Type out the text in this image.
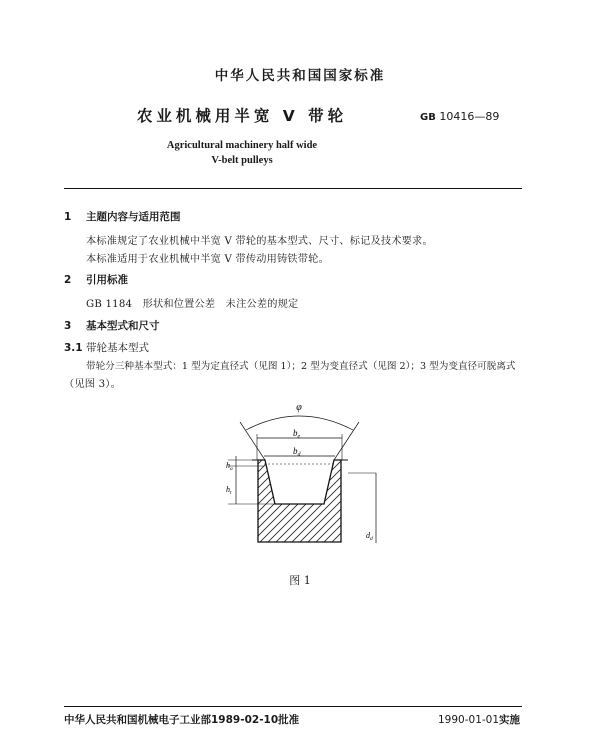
中华人民共和国国家标准
农业机械用半宽 V 带轮	GB 10416—89
Agricultural machinery half wide
V-belt pulleys
1 主题内容与适用范围
本标准规定了农业机械中半宽 V 带轮的基本型式、尺寸、标记及技术要求。
本标准适用于农业机械中半宽 V 带传动用铸铁带轮。
2 引用标准
GB 1184　形状和位置公差　未注公差的规定
3 基本型式和尺寸
3.1 带轮基本型式
带轮分三种基本型式：1 型为定直径式（见图 1）；2 型为变直径式（见图 2）；3 型为变直径可脱离式
（见图 3）。
φ
$b_e$
$b_d$
$h_a$
$h_t$
$d_d$
图 1
中华人民共和国机械电子工业部1989-02-10批准	1990-01-01实施
